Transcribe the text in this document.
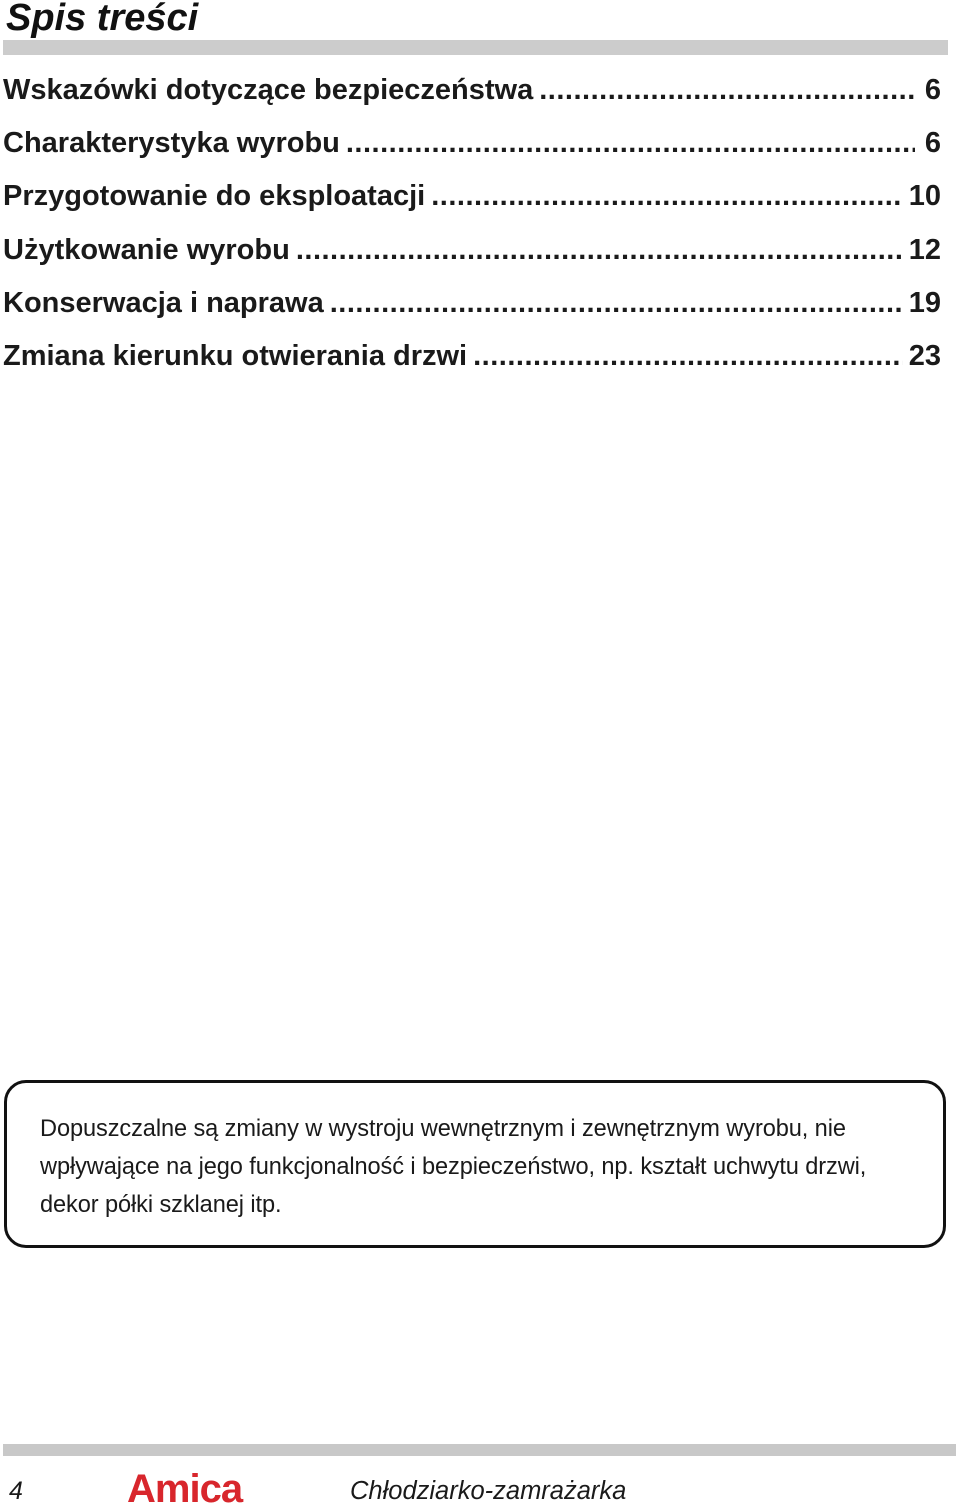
Spis treści
Wskazówki dotyczące bezpieczeństwa .....	6
Charakterystyka wyrobu .....	6
Przygotowanie do eksploatacji .....	10
Użytkowanie wyrobu .....	12
Konserwacja i naprawa .....	19
Zmiana kierunku otwierania drzwi .....	23
Dopuszczalne są zmiany w wystroju wewnętrznym i zewnętrznym wyrobu, nie
wpływające na jego funkcjonalność i bezpieczeństwo, np. kształt uchwytu drzwi,
dekor półki szklanej itp.
4	Amica	Chłodziarko-zamrażarka
